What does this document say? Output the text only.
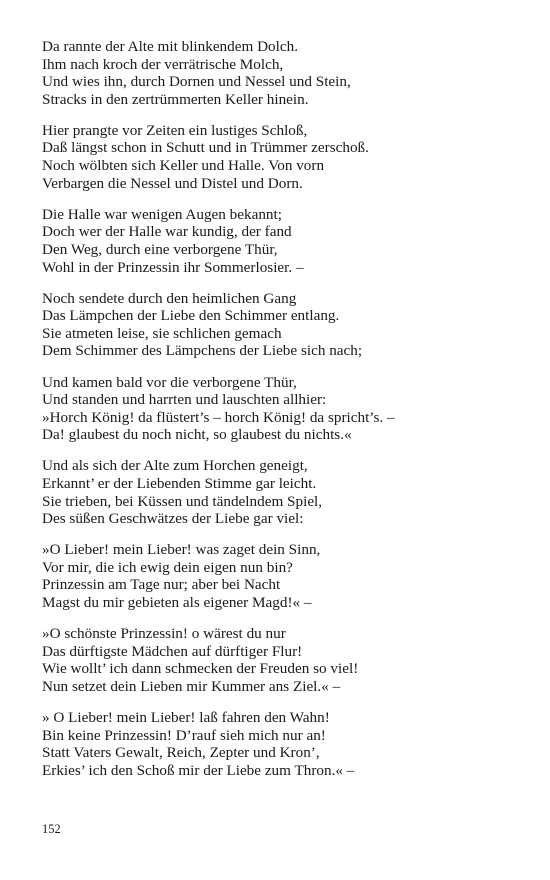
Da rannte der Alte mit blinkendem Dolch.
Ihm nach kroch der verrätrische Molch,
Und wies ihn, durch Dornen und Nessel und Stein,
Stracks in den zertrümmerten Keller hinein.
Hier prangte vor Zeiten ein lustiges Schloß,
Daß längst schon in Schutt und in Trümmer zerschoß.
Noch wölbten sich Keller und Halle. Von vorn
Verbargen die Nessel und Distel und Dorn.
Die Halle war wenigen Augen bekannt;
Doch wer der Halle war kundig, der fand
Den Weg, durch eine verborgene Thür,
Wohl in der Prinzessin ihr Sommerlosier. –
Noch sendete durch den heimlichen Gang
Das Lämpchen der Liebe den Schimmer entlang.
Sie atmeten leise, sie schlichen gemach
Dem Schimmer des Lämpchens der Liebe sich nach;
Und kamen bald vor die verborgene Thür,
Und standen und harrten und lauschten allhier:
»Horch König! da flüstert’s – horch König! da spricht’s. –
Da! glaubest du noch nicht, so glaubest du nichts.«
Und als sich der Alte zum Horchen geneigt,
Erkannt’ er der Liebenden Stimme gar leicht.
Sie trieben, bei Küssen und tändelndem Spiel,
Des süßen Geschwätzes der Liebe gar viel:
»O Lieber! mein Lieber! was zaget dein Sinn,
Vor mir, die ich ewig dein eigen nun bin?
Prinzessin am Tage nur; aber bei Nacht
Magst du mir gebieten als eigener Magd!« –
»O schönste Prinzessin! o wärest du nur
Das dürftigste Mädchen auf dürftiger Flur!
Wie wollt’ ich dann schmecken der Freuden so viel!
Nun setzet dein Lieben mir Kummer ans Ziel.« –
» O Lieber! mein Lieber! laß fahren den Wahn!
Bin keine Prinzessin! D’rauf sieh mich nur an!
Statt Vaters Gewalt, Reich, Zepter und Kron’,
Erkies’ ich den Schoß mir der Liebe zum Thron.« –
152
